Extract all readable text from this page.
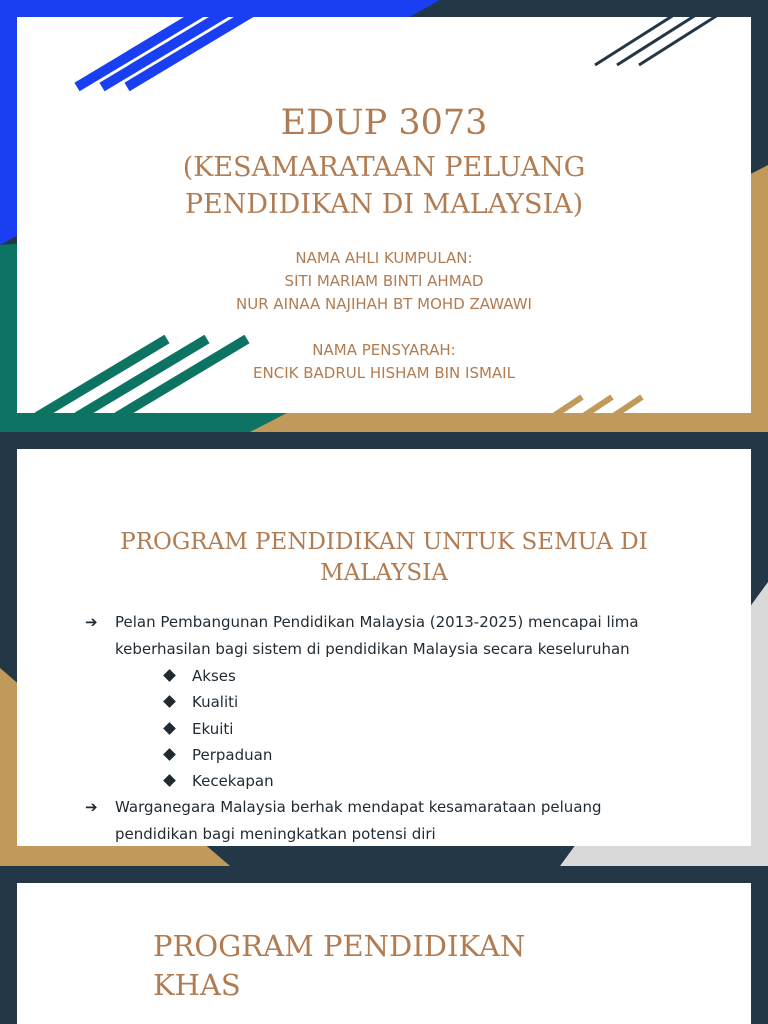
EDUP 3073
(KESAMARATAAN PELUANG
PENDIDIKAN DI MALAYSIA)
NAMA AHLI KUMPULAN:
SITI MARIAM BINTI AHMAD
NUR AINAA NAJIHAH BT MOHD ZAWAWI
NAMA PENSYARAH:
ENCIK BADRUL HISHAM BIN ISMAIL
PROGRAM PENDIDIKAN UNTUK SEMUA DI
MALAYSIA
➔ Pelan Pembangunan Pendidikan Malaysia (2013-2025) mencapai lima
keberhasilan bagi sistem di pendidikan Malaysia secara keseluruhan
Akses
Kualiti
Ekuiti
Perpaduan
Kecekapan
➔ Warganegara Malaysia berhak mendapat kesamarataan peluang
pendidikan bagi meningkatkan potensi diri
PROGRAM PENDIDIKAN
KHAS
